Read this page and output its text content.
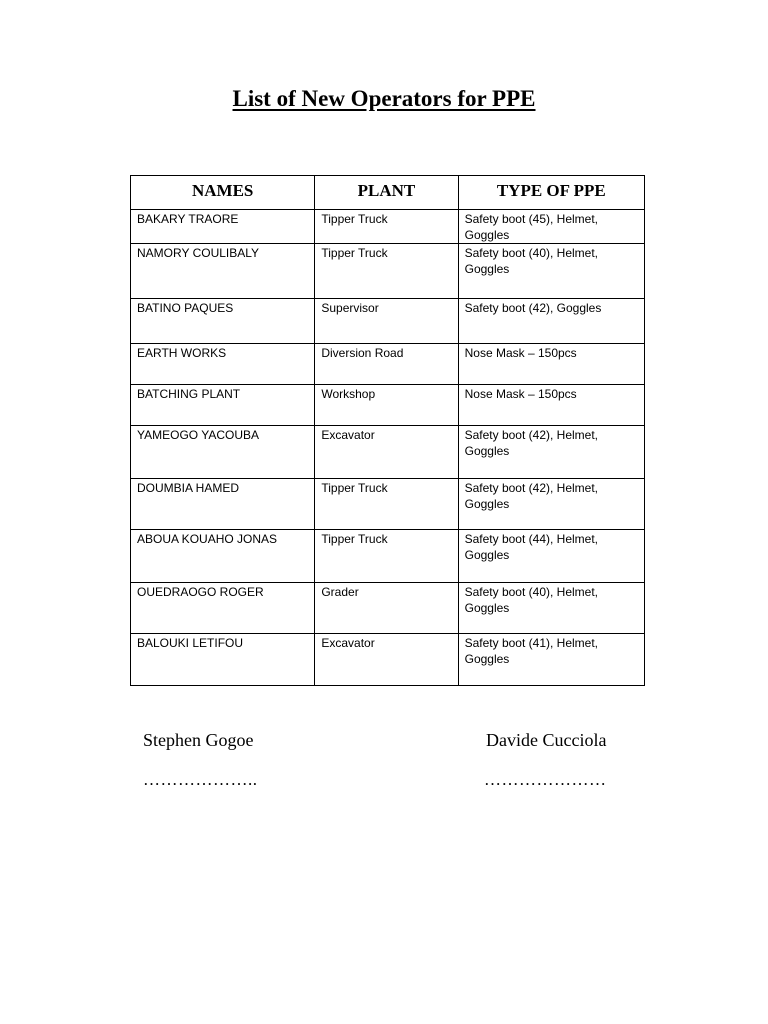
List of New Operators for PPE
NAMES	PLANT	TYPE OF PPE
BAKARY TRAORE	Tipper Truck	Safety boot (45), Helmet, Goggles
NAMORY COULIBALY	Tipper Truck	Safety boot (40), Helmet, Goggles
BATINO PAQUES	Supervisor	Safety boot (42), Goggles
EARTH WORKS	Diversion Road	Nose Mask – 150pcs
BATCHING PLANT	Workshop	Nose Mask – 150pcs
YAMEOGO YACOUBA	Excavator	Safety boot (42), Helmet, Goggles
DOUMBIA HAMED	Tipper Truck	Safety boot (42), Helmet, Goggles
ABOUA KOUAHO JONAS	Tipper Truck	Safety boot (44), Helmet, Goggles
OUEDRAOGO ROGER	Grader	Safety boot (40), Helmet, Goggles
BALOUKI LETIFOU	Excavator	Safety boot (41), Helmet, Goggles
Stephen Gogoe
………………..
Davide Cucciola
…………………
